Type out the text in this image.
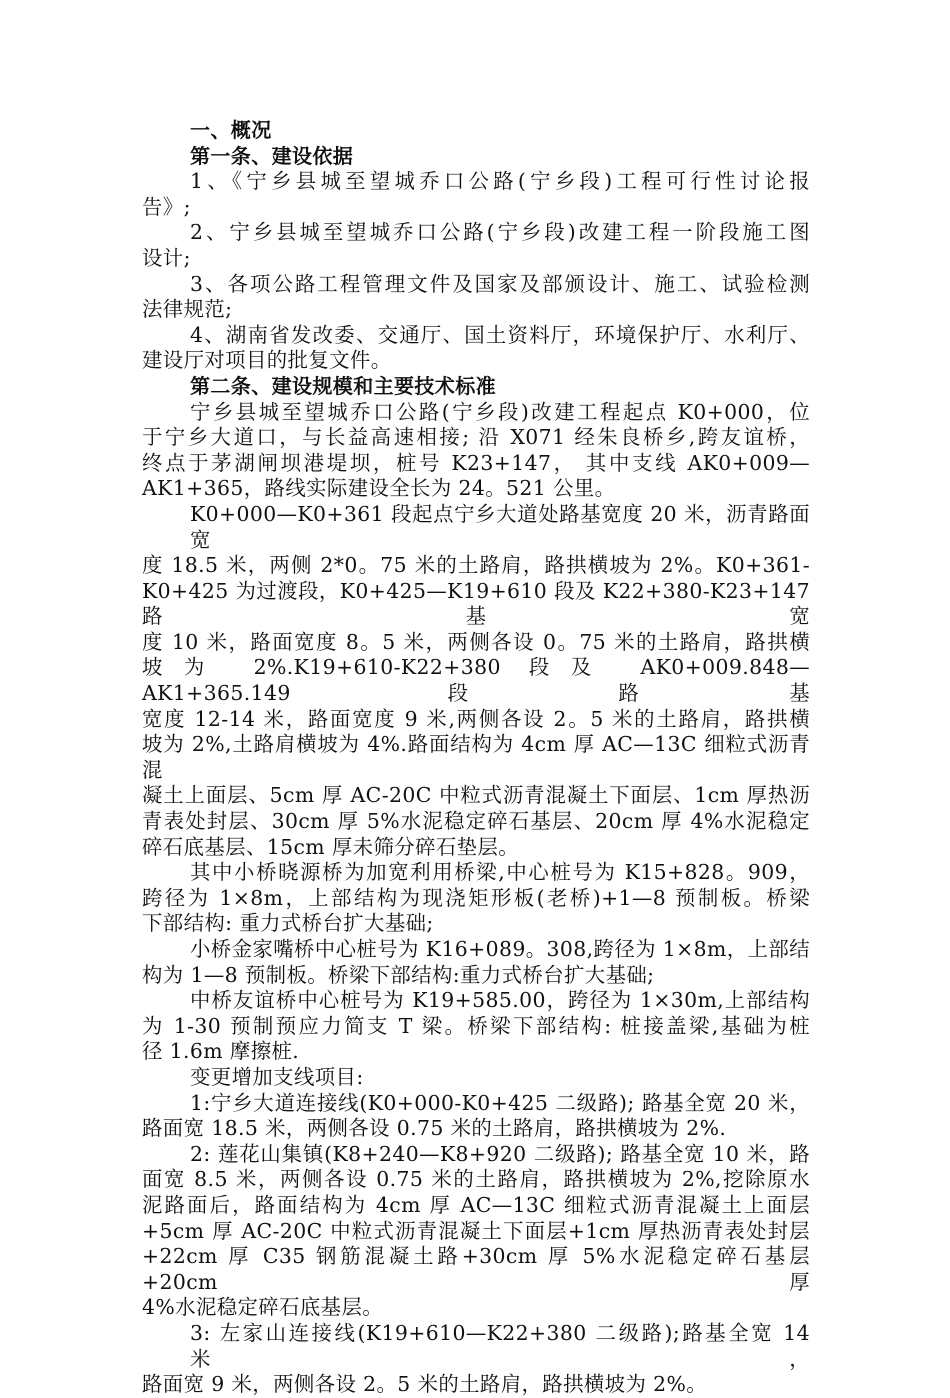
一、概况
第一条、建设依据
1、《宁乡县城至望城乔口公路(宁乡段)工程可行性讨论报
告》;
2、宁乡县城至望城乔口公路(宁乡段)改建工程一阶段施工图
设计;
3、各项公路工程管理文件及国家及部颁设计、施工、试验检测
法律规范;
4、湖南省发改委、交通厅、国土资料厅，环境保护厅、水利厅、
建设厅对项目的批复文件。
第二条、建设规模和主要技术标准
宁乡县城至望城乔口公路(宁乡段)改建工程起点 K0+000，位
于宁乡大道口，与长益高速相接; 沿 X071 经朱良桥乡,跨友谊桥，
终点于茅湖闸坝港堤坝，桩号 K23+147， 其中支线 AK0+009—
AK1+365，路线实际建设全长为 24。521 公里。
K0+000—K0+361 段起点宁乡大道处路基宽度 20 米，沥青路面宽
度 18.5 米，两侧 2*0。75 米的土路肩，路拱横坡为 2%。K0+361-
K0+425 为过渡段，K0+425—K19+610 段及 K22+380-K23+147 路基宽
度 10 米，路面宽度 8。5 米，两侧各设 0。75 米的土路肩，路拱横
坡为 2%.K19+610-K22+380 段及 AK0+009.848—AK1+365.149 段路基
宽度 12-14 米，路面宽度 9 米,两侧各设 2。5 米的土路肩，路拱横
坡为 2%,土路肩横坡为 4%.路面结构为 4cm 厚 AC—13C 细粒式沥青混
凝土上面层、5cm 厚 AC-20C 中粒式沥青混凝土下面层、1cm 厚热沥
青表处封层、30cm 厚 5%水泥稳定碎石基层、20cm 厚 4%水泥稳定
碎石底基层、15cm 厚未筛分碎石垫层。
其中小桥晓源桥为加宽利用桥梁,中心桩号为 K15+828。909，
跨径为 1×8m，上部结构为现浇矩形板(老桥)+1—8 预制板。桥梁
下部结构: 重力式桥台扩大基础;
小桥金家嘴桥中心桩号为 K16+089。308,跨径为 1×8m，上部结
构为 1—8 预制板。桥梁下部结构:重力式桥台扩大基础;
中桥友谊桥中心桩号为 K19+585.00，跨径为 1×30m,上部结构
为 1-30 预制预应力简支 T 梁。桥梁下部结构: 桩接盖梁,基础为桩
径 1.6m 摩擦桩.
变更增加支线项目:
1:宁乡大道连接线(K0+000-K0+425 二级路); 路基全宽 20 米，
路面宽 18.5 米，两侧各设 0.75 米的土路肩，路拱横坡为 2%.
2: 莲花山集镇(K8+240—K8+920 二级路); 路基全宽 10 米，路
面宽 8.5 米，两侧各设 0.75 米的土路肩，路拱横坡为 2%,挖除原水
泥路面后，路面结构为 4cm 厚 AC—13C 细粒式沥青混凝土上面层
+5cm 厚 AC-20C 中粒式沥青混凝土下面层+1cm 厚热沥青表处封层
+22cm 厚 C35 钢筋混凝土路+30cm 厚 5%水泥稳定碎石基层+20cm 厚
4%水泥稳定碎石底基层。
3: 左家山连接线(K19+610—K22+380 二级路);路基全宽 14 米，
路面宽 9 米，两侧各设 2。5 米的土路肩，路拱横坡为 2%。
